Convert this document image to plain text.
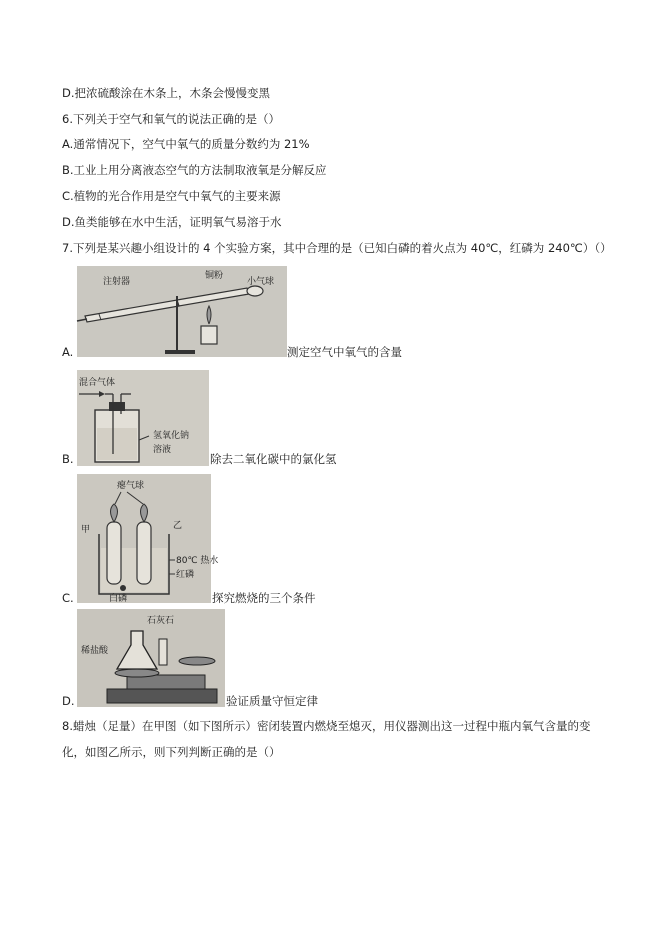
D.把浓硫酸涂在木条上，木条会慢慢变黑
6.下列关于空气和氧气的说法正确的是（）
A.通常情况下，空气中氧气的质量分数约为 21%
B.工业上用分离液态空气的方法制取液氧是分解反应
C.植物的光合作用是空气中氧气的主要来源
D.鱼类能够在水中生活，证明氧气易溶于水
7.下列是某兴趣小组设计的 4 个实验方案，其中合理的是（已知白磷的着火点为 40℃，红磷为 240℃）（）
注射器
铜粉
小气球
A.	测定空气中氧气的含量
混合气体
氢氧化钠
溶液
B.	除去二氧化碳中的氯化氢
瘪气球
甲	乙
80℃ 热水
红磷
白磷
C.	探究燃烧的三个条件
石灰石
稀盐酸
D.	验证质量守恒定律
8.蜡烛（足量）在甲图（如下图所示）密闭装置内燃烧至熄灭，用仪器测出这一过程中瓶内氧气含量的变
化，如图乙所示，则下列判断正确的是（）
